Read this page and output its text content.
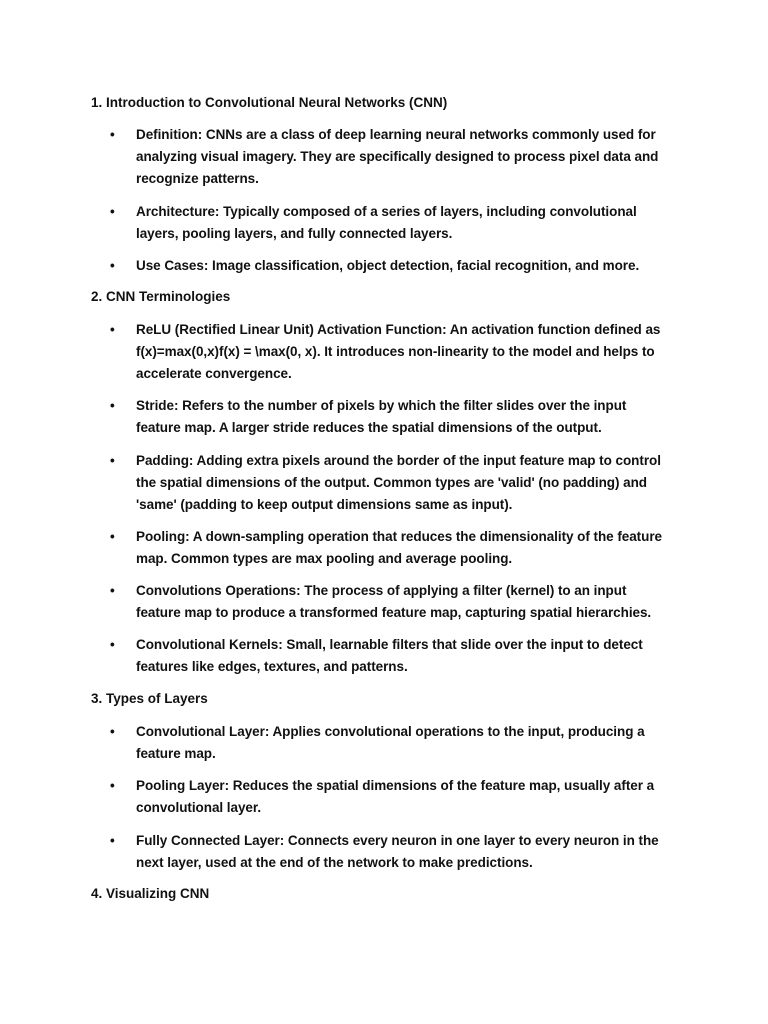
1. Introduction to Convolutional Neural Networks (CNN)
• Definition: CNNs are a class of deep learning neural networks commonly used for analyzing visual imagery. They are specifically designed to process pixel data and recognize patterns.
• Architecture: Typically composed of a series of layers, including convolutional layers, pooling layers, and fully connected layers.
• Use Cases: Image classification, object detection, facial recognition, and more.
2. CNN Terminologies
• ReLU (Rectified Linear Unit) Activation Function: An activation function defined as f(x)=max⁡(0,x)f(x) = \max(0, x). It introduces non-linearity to the model and helps to accelerate convergence.
• Stride: Refers to the number of pixels by which the filter slides over the input feature map. A larger stride reduces the spatial dimensions of the output.
• Padding: Adding extra pixels around the border of the input feature map to control the spatial dimensions of the output. Common types are 'valid' (no padding) and 'same' (padding to keep output dimensions same as input).
• Pooling: A down-sampling operation that reduces the dimensionality of the feature map. Common types are max pooling and average pooling.
• Convolutions Operations: The process of applying a filter (kernel) to an input feature map to produce a transformed feature map, capturing spatial hierarchies.
• Convolutional Kernels: Small, learnable filters that slide over the input to detect features like edges, textures, and patterns.
3. Types of Layers
• Convolutional Layer: Applies convolutional operations to the input, producing a feature map.
• Pooling Layer: Reduces the spatial dimensions of the feature map, usually after a convolutional layer.
• Fully Connected Layer: Connects every neuron in one layer to every neuron in the next layer, used at the end of the network to make predictions.
4. Visualizing CNN
